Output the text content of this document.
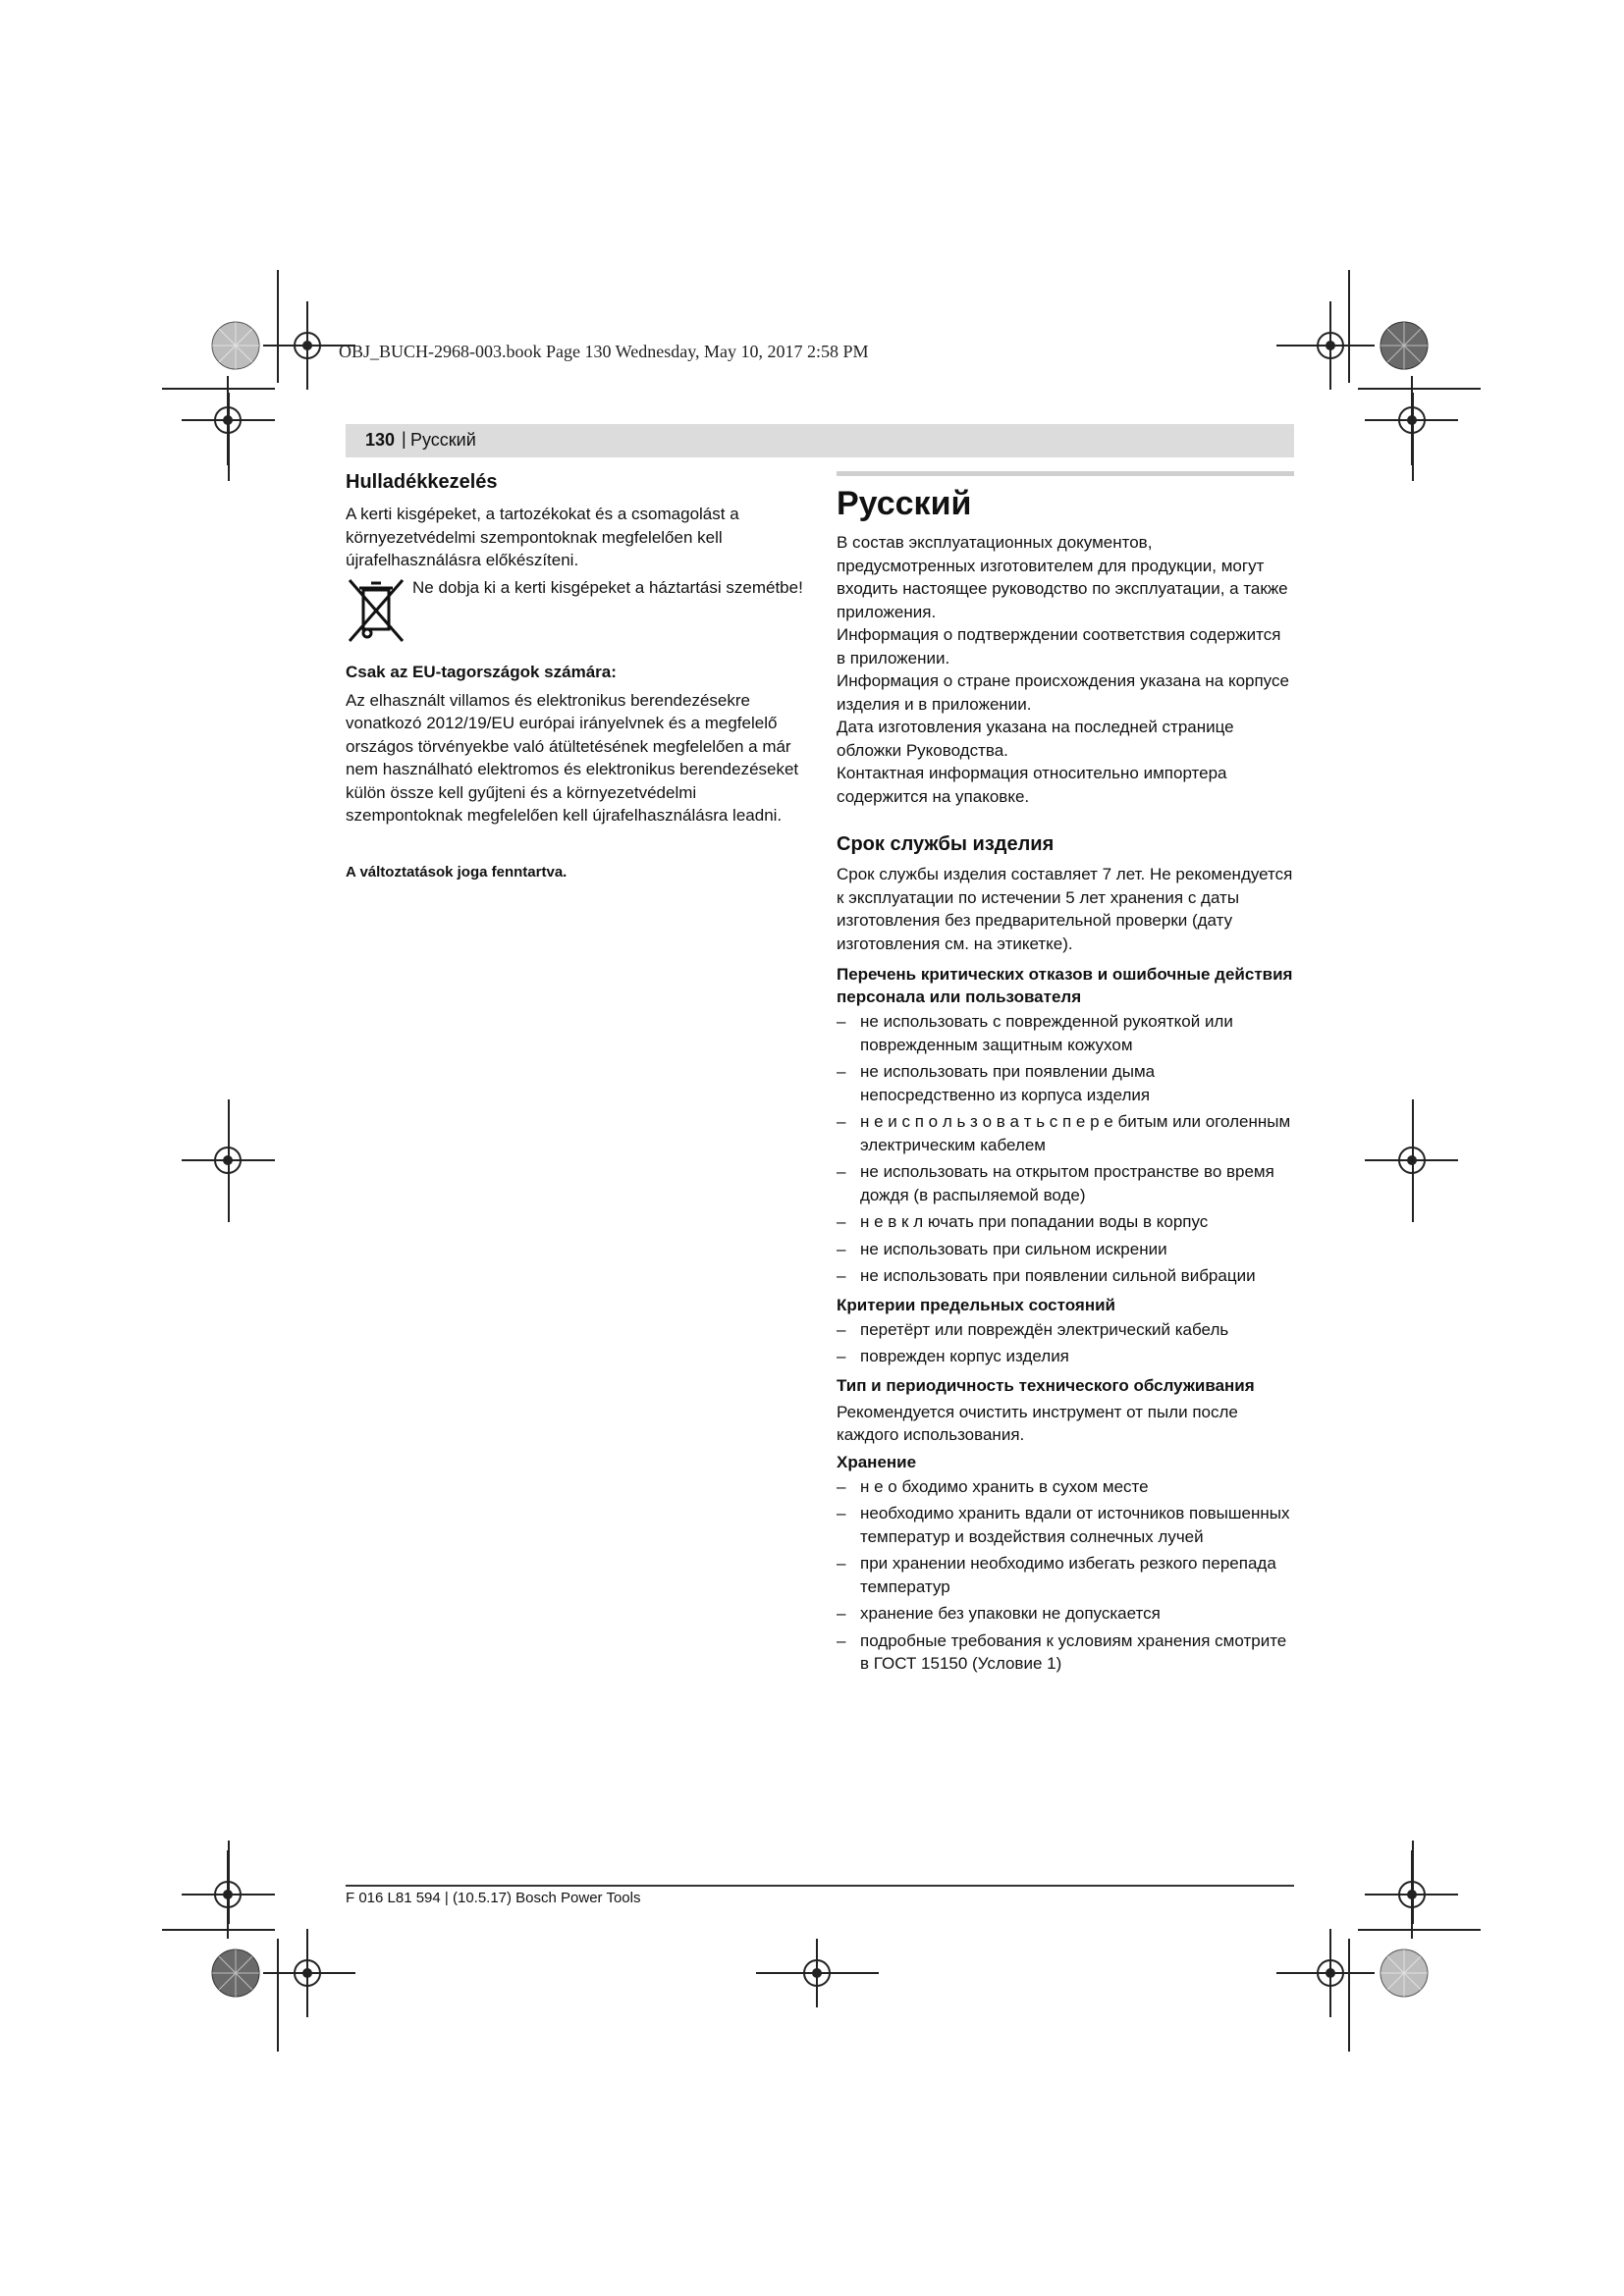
OBJ_BUCH-2968-003.book Page 130 Wednesday, May 10, 2017 2:58 PM
130 | Русский

Hulladékkezelés

A kerti kisgépeket, a tartozékokat és a csomagolást a
környezetvédelmi szempontoknak megfelelően kell
újrafelhasználásra előkészíteni.
Ne dobja ki a kerti kisgépeket a háztartási szemétbe!

Csak az EU-tagországok számára:

Az elhasznált villamos és elektronikus berendezésekre
vonatkozó 2012/19/EU európai irányelvnek és a megfelelő
országos törvényekbe való átültetésének megfelelően a már
nem használható elektromos és elektronikus berendezéseket
külön össze kell gyűjteni és a környezetvédelmi
szempontoknak megfelelően kell újrafelhasználásra leadni.

A változtatások joga fenntartva.

Русский

В состав эксплуатационных документов,
предусмотренных изготовителем для продукции, могут
входить настоящее руководство по эксплуатации, а также
приложения.
Информация о подтверждении соответствия содержится
в приложении.
Информация о стране происхождения указана на корпусе
изделия и в приложении.
Дата изготовления указана на последней странице
обложки Руководства.
Контактная информация относительно импортера
содержится на упаковке.

Срок службы изделия

Срок службы изделия составляет 7 лет. Не рекомендуется
к эксплуатации по истечении 5 лет хранения с даты
изготовления без предварительной проверки (дату
изготовления см. на этикетке).
Перечень критических отказов и ошибочные действия
персонала или пользователя
– не использовать с поврежденной рукояткой или
поврежденным защитным кожухом
– не использовать при появлении дыма
непосредственно из корпуса изделия
– н е и с п о л ь з о в а т ь с п е р е битым или оголенным
электрическим кабелем
– не использовать на открытом пространстве во время
дождя (в распыляемой воде)
– н е в к л ючать при попадании воды в корпус
– не использовать при сильном искрении
– не использовать при появлении сильной вибрации

Критерии предельных состояний

– перетёрт или повреждён электрический кабель
– поврежден корпус изделия

Тип и периодичность технического обслуживания

Рекомендуется очистить инструмент от пыли после
каждого использования.

Хранение

– н е о бходимо хранить в сухом месте
– необходимо хранить вдали от источников повышенных
температур и воздействия солнечных лучей
– при хранении необходимо избегать резкого перепада
температур
– хранение без упаковки не допускается
– подробные требования к условиям хранения смотрите
в ГОСТ 15150 (Условие 1)
F 016 L81 594 | (10.5.17) Bosch Power Tools
